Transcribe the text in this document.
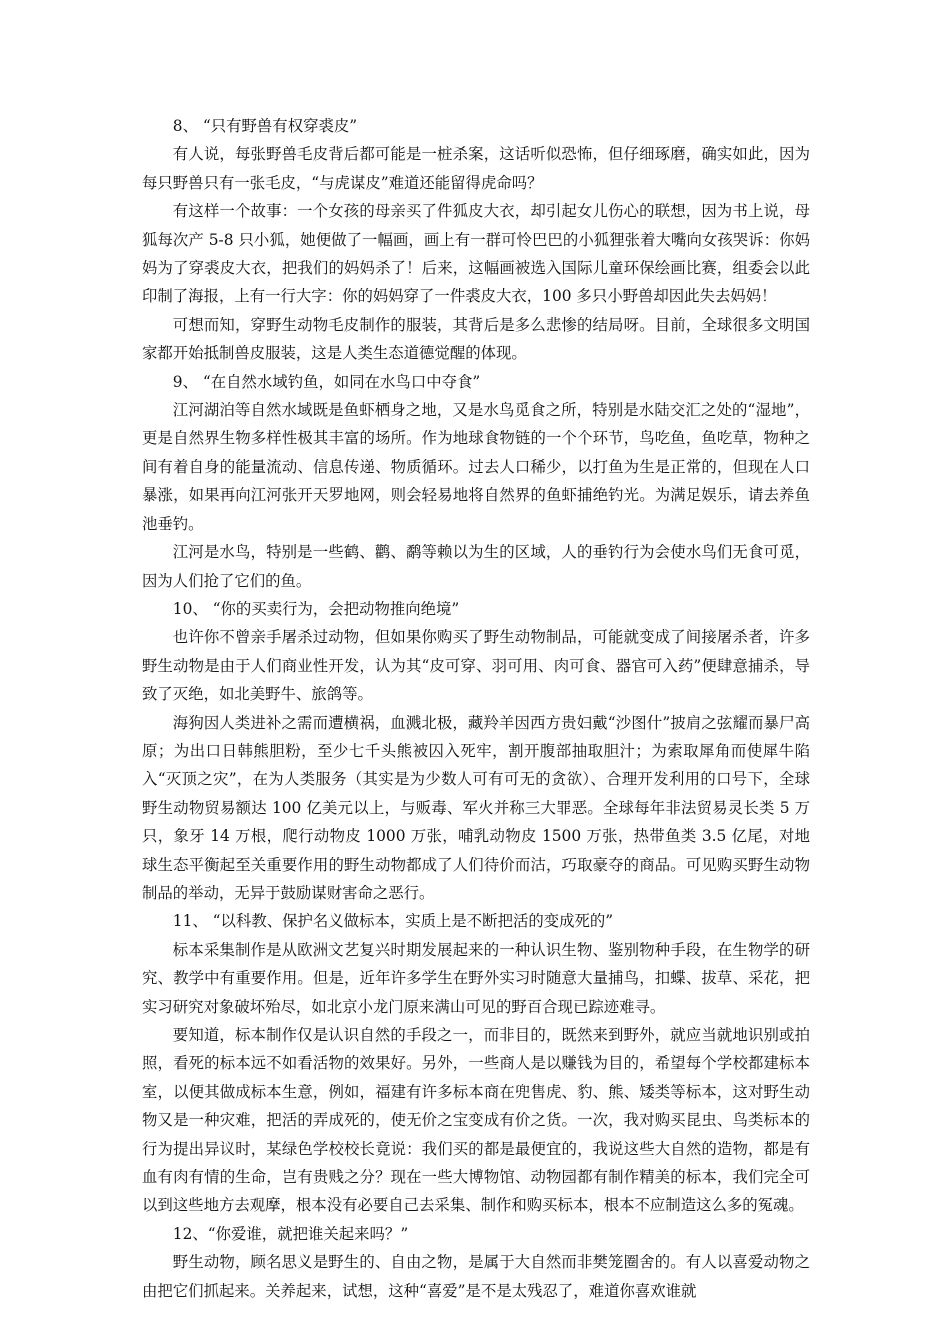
8、 “只有野兽有权穿裘皮”

有人说，每张野兽毛皮背后都可能是一桩杀案，这话听似恐怖，但仔细琢磨，确实如此，因为每只野兽只有一张毛皮，“与虎谋皮”难道还能留得虎命吗？

有这样一个故事：一个女孩的母亲买了件狐皮大衣，却引起女儿伤心的联想，因为书上说，母狐每次产 5-8 只小狐，她便做了一幅画，画上有一群可怜巴巴的小狐狸张着大嘴向女孩哭诉：你妈妈为了穿裘皮大衣，把我们的妈妈杀了！后来，这幅画被选入国际儿童环保绘画比赛，组委会以此印制了海报，上有一行大字：你的妈妈穿了一件裘皮大衣，100 多只小野兽却因此失去妈妈！

可想而知，穿野生动物毛皮制作的服装，其背后是多么悲惨的结局呀。目前，全球很多文明国家都开始抵制兽皮服装，这是人类生态道德觉醒的体现。

9、 “在自然水域钓鱼，如同在水鸟口中夺食”

江河湖泊等自然水域既是鱼虾栖身之地，又是水鸟觅食之所，特别是水陆交汇之处的“湿地”，更是自然界生物多样性极其丰富的场所。作为地球食物链的一个个环节，鸟吃鱼，鱼吃草，物种之间有着自身的能量流动、信息传递、物质循环。过去人口稀少，以打鱼为生是正常的，但现在人口暴涨，如果再向江河张开天罗地网，则会轻易地将自然界的鱼虾捕绝钓光。为满足娱乐，请去养鱼池垂钓。

江河是水鸟，特别是一些鹤、鹳、鹬等赖以为生的区域，人的垂钓行为会使水鸟们无食可觅，因为人们抢了它们的鱼。

10、 “你的买卖行为，会把动物推向绝境”

也许你不曾亲手屠杀过动物，但如果你购买了野生动物制品，可能就变成了间接屠杀者，许多野生动物是由于人们商业性开发，认为其“皮可穿、羽可用、肉可食、器官可入药”便肆意捕杀，导致了灭绝，如北美野牛、旅鸽等。

海狗因人类进补之需而遭横祸，血溅北极，藏羚羊因西方贵妇戴“沙图什”披肩之弦耀而暴尸高原；为出口日韩熊胆粉，至少七千头熊被囚入死牢，割开腹部抽取胆汁；为索取犀角而使犀牛陷入“灭顶之灾”，在为人类服务（其实是为少数人可有可无的贪欲）、合理开发利用的口号下，全球野生动物贸易额达 100 亿美元以上，与贩毒、军火并称三大罪恶。全球每年非法贸易灵长类 5 万只，象牙 14 万根，爬行动物皮 1000 万张，哺乳动物皮 1500 万张，热带鱼类 3.5 亿尾，对地球生态平衡起至关重要作用的野生动物都成了人们待价而沽，巧取豪夺的商品。可见购买野生动物制品的举动，无异于鼓励谋财害命之恶行。

11、 “以科教、保护名义做标本，实质上是不断把活的变成死的”

标本采集制作是从欧洲文艺复兴时期发展起来的一种认识生物、鉴别物种手段，在生物学的研究、教学中有重要作用。但是，近年许多学生在野外实习时随意大量捕鸟，扣蝶、拔草、采花，把实习研究对象破坏殆尽，如北京小龙门原来满山可见的野百合现已踪迹难寻。

要知道，标本制作仅是认识自然的手段之一，而非目的，既然来到野外，就应当就地识别或拍照，看死的标本远不如看活物的效果好。另外，一些商人是以赚钱为目的，希望每个学校都建标本室，以便其做成标本生意，例如，福建有许多标本商在兜售虎、豹、熊、矮类等标本，这对野生动物又是一种灾难，把活的弄成死的，使无价之宝变成有价之货。一次，我对购买昆虫、鸟类标本的行为提出异议时，某绿色学校校长竟说：我们买的都是最便宜的，我说这些大自然的造物，都是有血有肉有情的生命，岂有贵贱之分？现在一些大博物馆、动物园都有制作精美的标本，我们完全可以到这些地方去观摩，根本没有必要自己去采集、制作和购买标本，根本不应制造这么多的冤魂。

12、“你爱谁，就把谁关起来吗？”

野生动物，顾名思义是野生的、自由之物，是属于大自然而非樊笼圈舍的。有人以喜爱动物之由把它们抓起来。关养起来，试想，这种“喜爱”是不是太残忍了，难道你喜欢谁就
